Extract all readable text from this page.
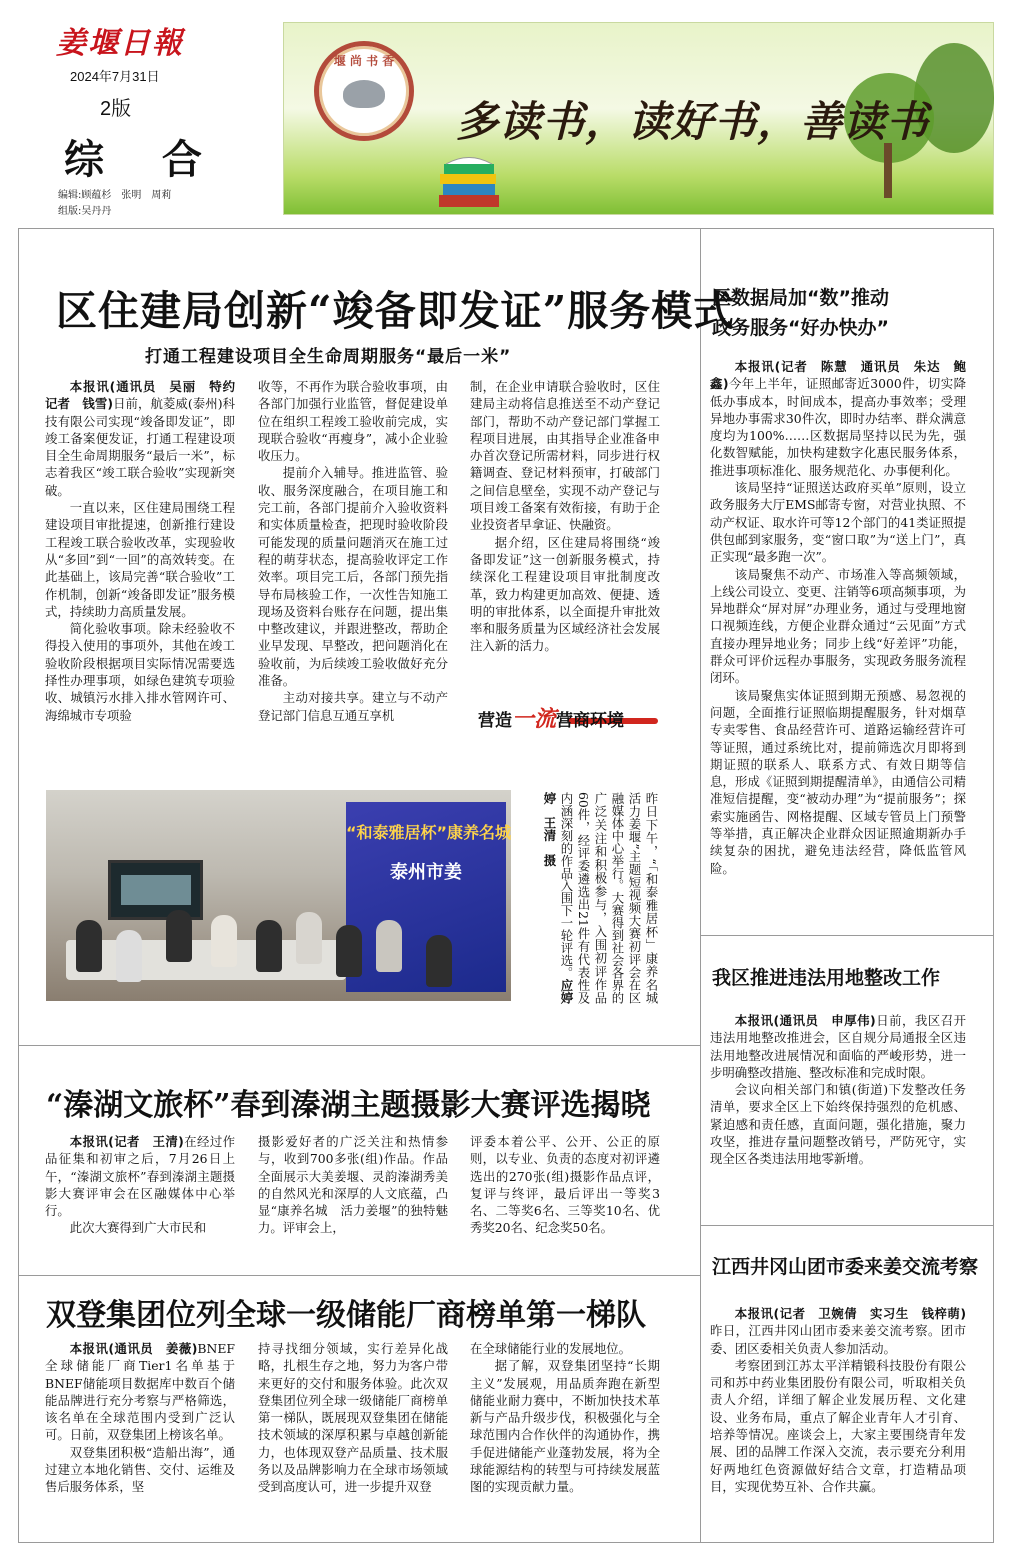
姜堰日報
2024年7月31日
2版
综 合
编辑:顾蕴杉　张明　周莉
组版:吴丹丹
堰 尚 书 香
多读书，读好书，善读书
区住建局创新“竣备即发证”服务模式
打通工程建设项目全生命周期服务“最后一米”
本报讯(通讯员　吴丽　特约记者　钱雪)日前，航菱威(泰州)科技有限公司实现“竣备即发证”，即竣工备案便发证，打通工程建设项目全生命周期服务“最后一米”，标志着我区“竣工联合验收”实现新突破。

一直以来，区住建局围绕工程建设项目审批提速，创新推行建设工程竣工联合验收改革，实现验收从“多回”到“一回”的高效转变。在此基础上，该局完善“联合验收”工作机制，创新“竣备即发证”服务模式，持续助力高质量发展。

简化验收事项。除未经验收不得投入使用的事项外，其他在竣工验收阶段根据项目实际情况需要选择性办理事项，如绿色建筑专项验收、城镇污水排入排水管网许可、海绵城市专项验

收等，不再作为联合验收事项，由各部门加强行业监管，督促建设单位在组织工程竣工验收前完成，实现联合验收“再瘦身”，减小企业验收压力。

提前介入辅导。推进监管、验收、服务深度融合，在项目施工和完工前，各部门提前介入验收资料和实体质量检查，把现时验收阶段可能发现的质量问题消灭在施工过程的萌芽状态，提高验收评定工作效率。项目完工后，各部门预先指导布局核验工作，一次性告知施工现场及资料台账存在问题，提出集中整改建议，并跟进整改，帮助企业早发现、早整改，把问题消化在验收前，为后续竣工验收做好充分准备。

主动对接共享。建立与不动产登记部门信息互通互享机

制，在企业申请联合验收时，区住建局主动将信息推送至不动产登记部门，帮助不动产登记部门掌握工程项目进展，由其指导企业准备申办首次登记所需材料，同步进行权籍调查、登记材料预审，打破部门之间信息壁垒，实现不动产登记与项目竣工备案有效衔接，有助于企业投资者早拿证、快融资。

据介绍，区住建局将围绕“竣备即发证”这一创新服务模式，持续深化工程建设项目审批制度改革，致力构建更加高效、便捷、透明的审批体系，以全面提升审批效率和服务质量为区域经济社会发展注入新的活力。

营造一流营商环境
“和泰雅居杯”康养名城
泰州市姜	昨日下午，“「和泰雅居杯」康养名城　活力姜堰”主题短视频大赛初评会在区融媒体中心举行。大赛得到社会各界的广泛关注和积极参与，入围初评作品60件，经评委遴选出21件有代表性及内涵深刻的作品入围下一轮评选。应婷婷　王清　摄
“溱湖文旅杯”春到溱湖主题摄影大赛评选揭晓
本报讯(记者　王清)在经过作品征集和初审之后，7月26日上午，“溱湖文旅杯”春到溱湖主题摄影大赛评审会在区融媒体中心举行。

此次大赛得到广大市民和

摄影爱好者的广泛关注和热情参与，收到700多张(组)作品。作品全面展示大美姜堰、灵韵溱湖秀美的自然风光和深厚的人文底蕴，凸显“康养名城　活力姜堰”的独特魅力。评审会上，
评委本着公平、公开、公正的原则，以专业、负责的态度对初评遴选出的270张(组)摄影作品点评，复评与终评，最后评出一等奖3名、二等奖6名、三等奖10名、优秀奖20名、纪念奖50名。
双登集团位列全球一级储能厂商榜单第一梯队
本报讯(通讯员　姜薇)BNEF全球储能厂商Tier1名单基于BNEF储能项目数据库中数百个储能品牌进行充分考察与严格筛选，该名单在全球范围内受到广泛认可。日前，双登集团上榜该名单。

双登集团积极“造船出海”，通过建立本地化销售、交付、运维及售后服务体系，坚

持寻找细分领域，实行差异化战略，扎根生存之地，努力为客户带来更好的交付和服务体验。此次双登集团位列全球一级储能厂商榜单第一梯队，既展现双登集团在储能技术领域的深厚积累与卓越创新能力，也体现双登产品质量、技术服务以及品牌影响力在全球市场领域受到高度认可，进一步提升双登
在全球储能行业的发展地位。

据了解，双登集团坚持“长期主义”发展观，用品质奔跑在新型储能业耐力赛中，不断加快技术革新与产品升级步伐，积极强化与全球范围内合作伙伴的沟通协作，携手促进储能产业蓬勃发展，将为全球能源结构的转型与可持续发展蓝图的实现贡献力量。

区数据局加“数”推动
政务服务“好办快办”
本报讯(记者　陈慧　通讯员　朱达　鲍鑫)今年上半年，证照邮寄近3000件，切实降低办事成本，时间成本，提高办事效率；受理异地办事需求30件次，即时办结率、群众满意度均为100%……区数据局坚持以民为先，强化数智赋能，加快构建数字化惠民服务体系，推进事项标准化、服务规范化、办事便利化。

该局坚持“证照送达政府买单”原则，设立政务服务大厅EMS邮寄专窗，对营业执照、不动产权证、取水许可等12个部门的41类证照提供包邮到家服务，变“窗口取”为“送上门”，真正实现“最多跑一次”。

该局聚焦不动产、市场准入等高频领域，上线公司设立、变更、注销等6项高频事项，为异地群众“屏对屏”办理业务，通过与受理地窗口视频连线，方便企业群众通过“云见面”方式直接办理异地业务；同步上线“好差评”功能，群众可评价远程办事服务，实现政务服务流程闭环。

该局聚焦实体证照到期无预感、易忽视的问题，全面推行证照临期提醒服务，针对烟草专卖零售、食品经营许可、道路运输经营许可等证照，通过系统比对，提前筛选次月即将到期证照的联系人、联系方式、有效日期等信息，形成《证照到期提醒清单》，由通信公司精准短信提醒，变“被动办理”为“提前服务”；探索实施函告、网格提醒、区域专管员上门预警等举措，真正解决企业群众因证照逾期新办手续复杂的困扰，避免违法经营，降低监管风险。

我区推进违法用地整改工作
本报讯(通讯员　申厚伟)日前，我区召开违法用地整改推进会，区自规分局通报全区违法用地整改进展情况和面临的严峻形势，进一步明确整改措施、整改标准和完成时限。

会议向相关部门和镇(街道)下发整改任务清单，要求全区上下始终保持强烈的危机感、紧迫感和责任感，直面问题，强化措施，聚力攻坚，推进存量问题整改销号，严防死守，实现全区各类违法用地零新增。

江西井冈山团市委来姜交流考察
本报讯(记者　卫婉倩　实习生　钱梓萌)昨日，江西井冈山团市委来姜交流考察。团市委、团区委相关负责人参加活动。

考察团到江苏太平洋精锻科技股份有限公司和苏中药业集团股份有限公司，听取相关负责人介绍，详细了解企业发展历程、文化建设、业务布局，重点了解企业青年人才引育、培养等情况。座谈会上，大家主要围绕青年发展、团的品牌工作深入交流，表示要充分利用好两地红色资源做好结合文章，打造精品项目，实现优势互补、合作共赢。
